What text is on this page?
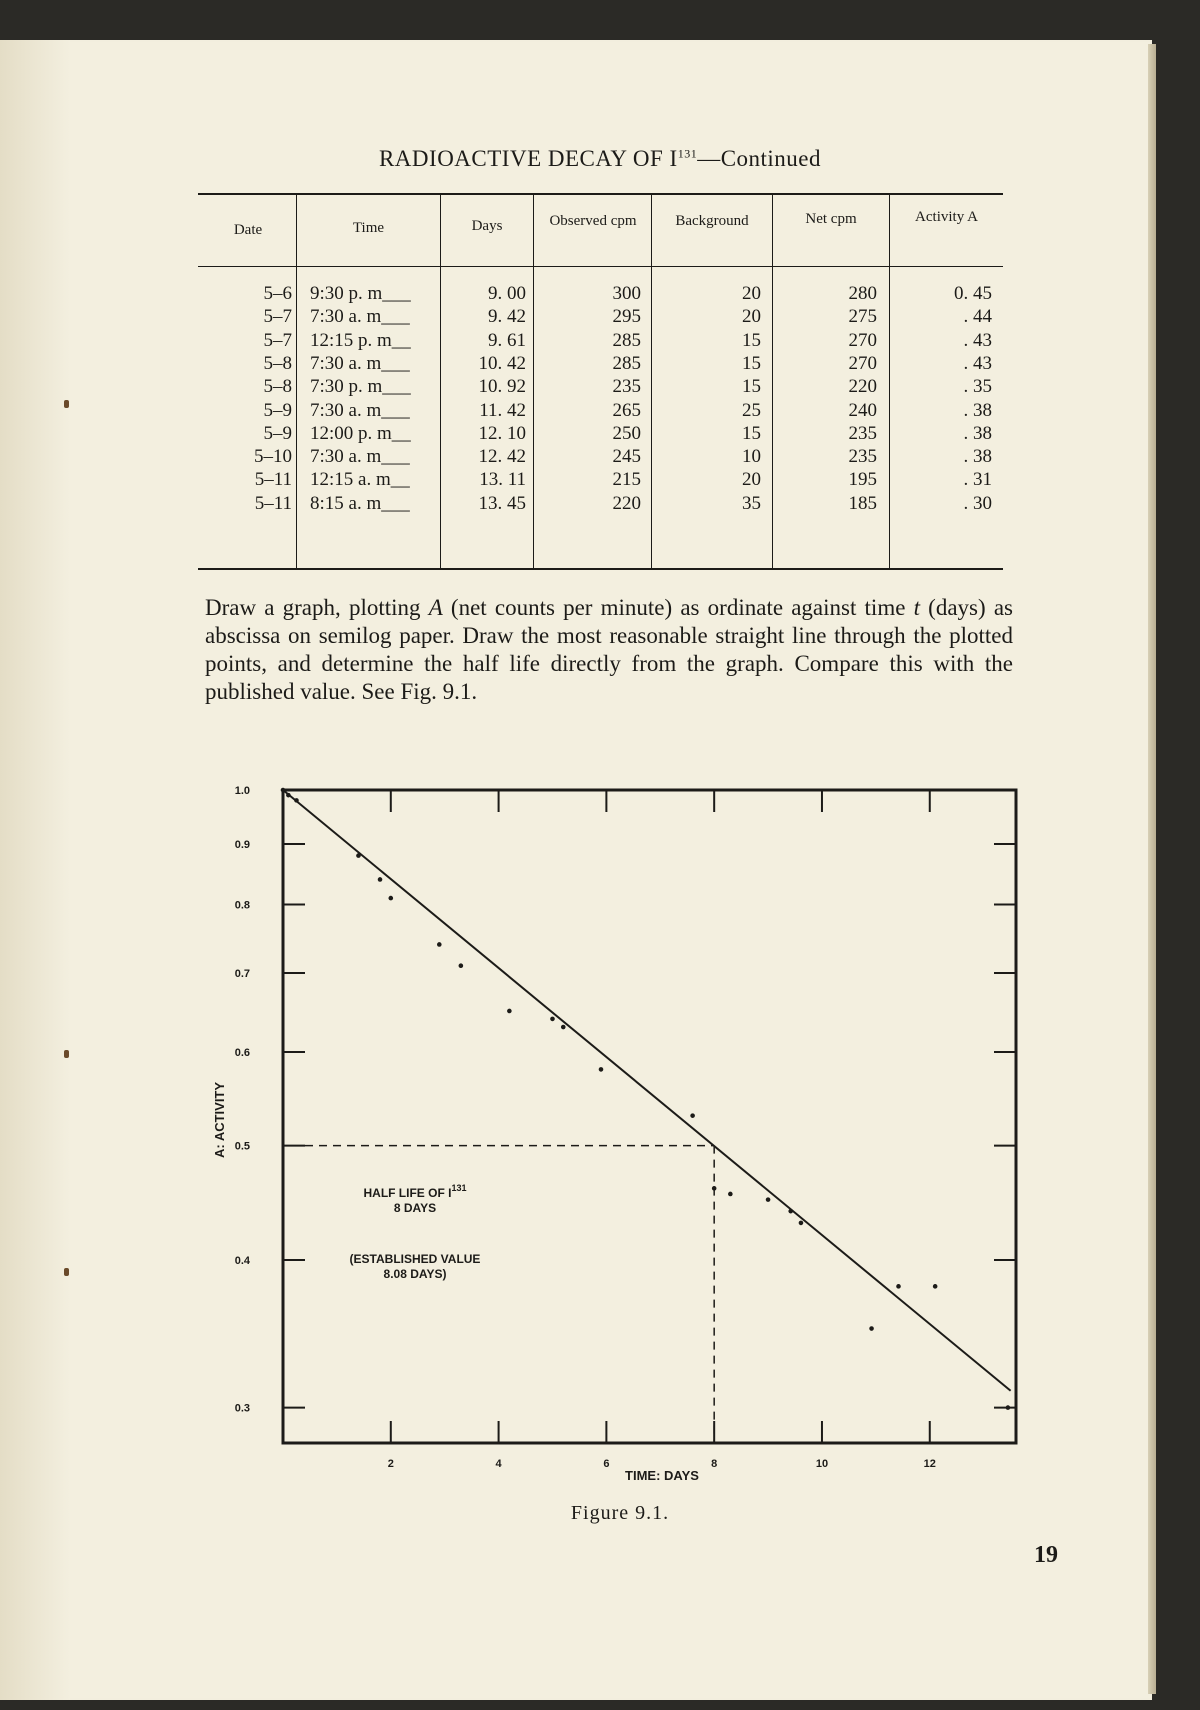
RADIOACTIVE DECAY OF $I^{131}—Continued$
Date	Time	Days	Observed cpm	Background	Net cpm	Activity A
5–6 9:30 p. m___	9. 00	300	20	280	0. 45
5–7 7:30 a. m___	9. 42	295	20	275	. 44
5–7 12:15 p. m__	9. 61	285	15	270	. 43
5–8 7:30 a. m___	10. 42	285	15	270	. 43
5–8 7:30 p. m___	10. 92	235	15	220	. 35
5–9 7:30 a. m___	11. 42	265	25	240	. 38
5–9 12:00 p. m__	12. 10	250	15	235	. 38
5–10 7:30 a. m___	12. 42	245	10	235	. 38
5–11 12:15 a. m__	13. 11	215	20	195	. 31
5–11 8:15 a. m___	13. 45	220	35	185	. 30
Draw a graph, plotting A (net counts per minute) as ordinate against time t (days) as abscissa on semilog paper. Draw the most reasonable straight line through the plotted points, and determine the half life directly from the graph. Compare this with the published value. See Fig. 9.1.
1.0
0.9
0.8
0.7
0.6
0.5
0.4
0.3
2	4	6	8	10	12
A: ACTIVITY
TIME: DAYS
HALF LIFE OF $I^{131}$
8 DAYS
(ESTABLISHED VALUE
8.08 DAYS)
Figure 9.1.
19
